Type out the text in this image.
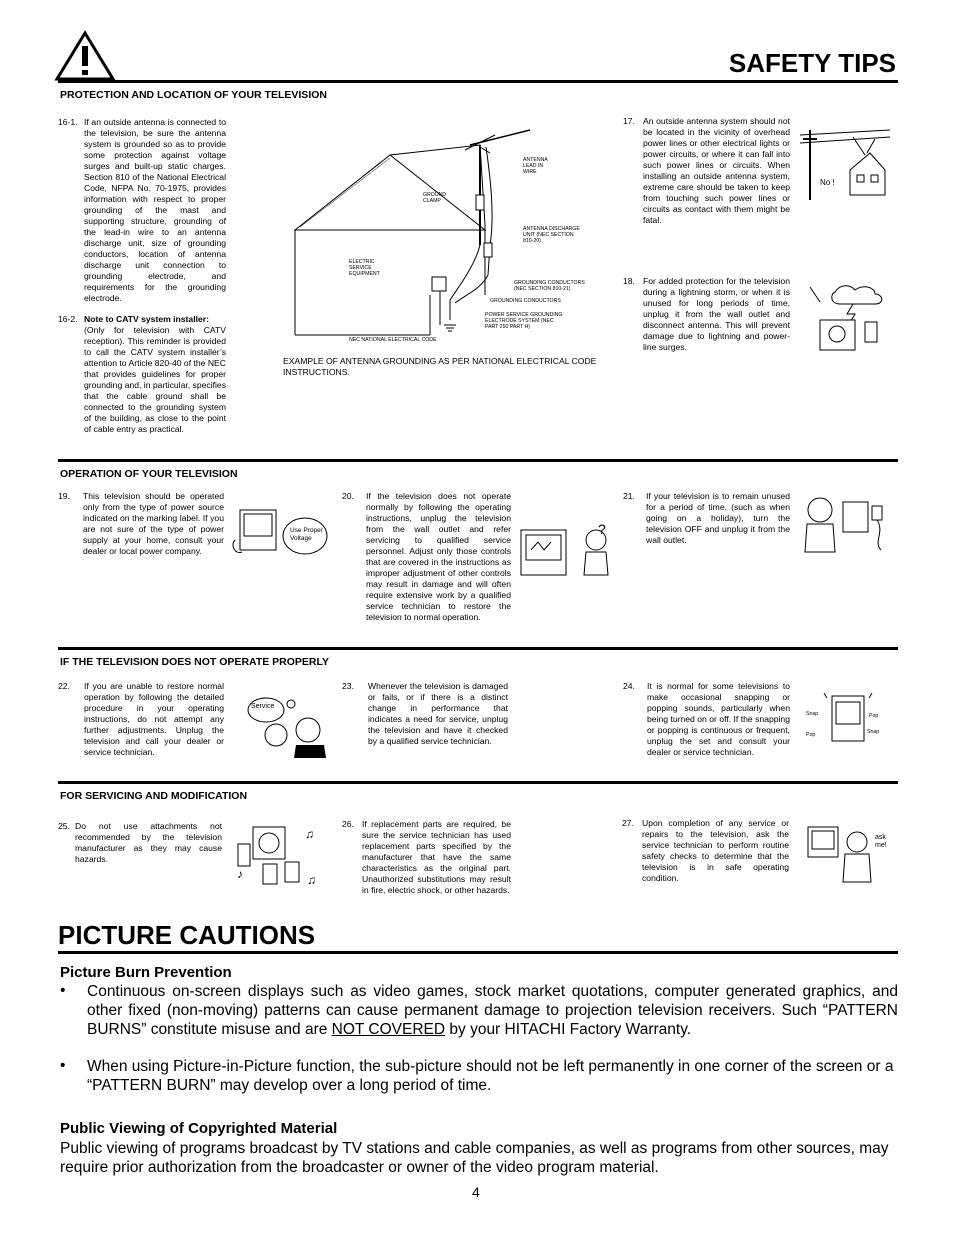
SAFETY TIPS
PROTECTION AND LOCATION OF YOUR TELEVISION
16-1. If an outside antenna is connected to the television, be sure the antenna system is grounded so as to provide some protection against voltage surges and built-up static charges. Section 810 of the National Electrical Code, NFPA No. 70-1975, provides information with respect to proper grounding of the mast and supporting structure, grounding of the lead-in wire to an antenna discharge unit, size of grounding conductors, location of antenna discharge unit connection to grounding electrode, and requirements for the grounding electrode.
16-2. Note to CATV system installer:
(Only for television with CATV reception). This reminder is provided to call the CATV system installer’s attention to Article 820-40 of the NEC that provides guidelines for proper grounding and, in particular, specifies that the cable ground shall be connected to the grounding system of the building, as close to the point of cable entry as practical.
ANTENNA LEAD IN WIRE
GROUND CLAMP
ANTENNA DISCHARGE UNIT (NEC SECTION 810-20)
ELECTRIC SERVICE EQUIPMENT
GROUNDING CONDUCTORS (NEC SECTION 810-21)
GROUNDING CONDUCTORS
POWER SERVICE GROUNDING ELECTRODE SYSTEM (NEC PART 250 PART H)
NEC NATIONAL ELECTRICAL CODE
EXAMPLE OF ANTENNA GROUNDING AS PER NATIONAL ELECTRICAL CODE INSTRUCTIONS.
17. An outside antenna system should not be located in the vicinity of overhead power lines or other electrical lights or power circuits, or where it can fall into such power lines or circuits. When installing an outside antenna system, extreme care should be taken to keep from touching such power lines or circuits as contact with them might be fatal.
No !
18. For added protection for the television during a lightning storm, or when it is unused for long periods of time, unplug it from the wall outlet and disconnect antenna. This will prevent damage due to lightning and power-line surges.
OPERATION OF YOUR TELEVISION
19. This television should be operated only from the type of power source indicated on the marking label. If you are not sure of the type of power supply at your home, consult your dealer or local power company.
Use Proper Voltage
20. If the television does not operate normally by following the operating instructions, unplug the television from the wall outlet and refer servicing to qualified service personnel. Adjust only those controls that are covered in the instructions as improper adjustment of other controls may result in damage and will often require extensive work by a qualified service technician to restore the television to normal operation.
?
21. If your television is to remain unused for a period of time, (such as when going on a holiday), turn the television OFF and unplug it from the wall outlet.
IF THE TELEVISION DOES NOT OPERATE PROPERLY
22. If you are unable to restore normal operation by following the detailed procedure in your operating instructions, do not attempt any further adjustments. Unplug the television and call your dealer or service technician.
Service
23. Whenever the television is damaged or fails, or if there is a distinct change in performance that indicates a need for service, unplug the television and have it checked by a qualified service technician.
24. It is normal for some televisions to make occasional snapping or popping sounds, particularly when being turned on or off. If the snapping or popping is continuous or frequent, unplug the set and consult your dealer or service technician.
Snap	Pop
Pop	Snap
FOR SERVICING AND MODIFICATION
25. Do not use attachments not recommended by the television manufacturer as they may cause hazards.
♫
♪	♫
26. If replacement parts are required, be sure the service technician has used replacement parts specified by the manufacturer that have the same characteristics as the original part. Unauthorized substitutions may result in fire, electric shock, or other hazards.
27. Upon completion of any service or repairs to the television, ask the service technician to perform routine safety checks to determine that the television is in safe operating condition.
ask me!
PICTURE CAUTIONS
Picture Burn Prevention
• Continuous on-screen displays such as video games, stock market quotations, computer generated graphics, and other fixed (non-moving) patterns can cause permanent damage to projection television receivers. Such “PATTERN BURNS” constitute misuse and are NOT COVERED by your HITACHI Factory Warranty.
• When using Picture-in-Picture function, the sub-picture should not be left permanently in one corner of the screen or a “PATTERN BURN” may develop over a long period of time.
Public Viewing of Copyrighted Material
Public viewing of programs broadcast by TV stations and cable companies, as well as programs from other sources, may require prior authorization from the broadcaster or owner of the video program material.
4
